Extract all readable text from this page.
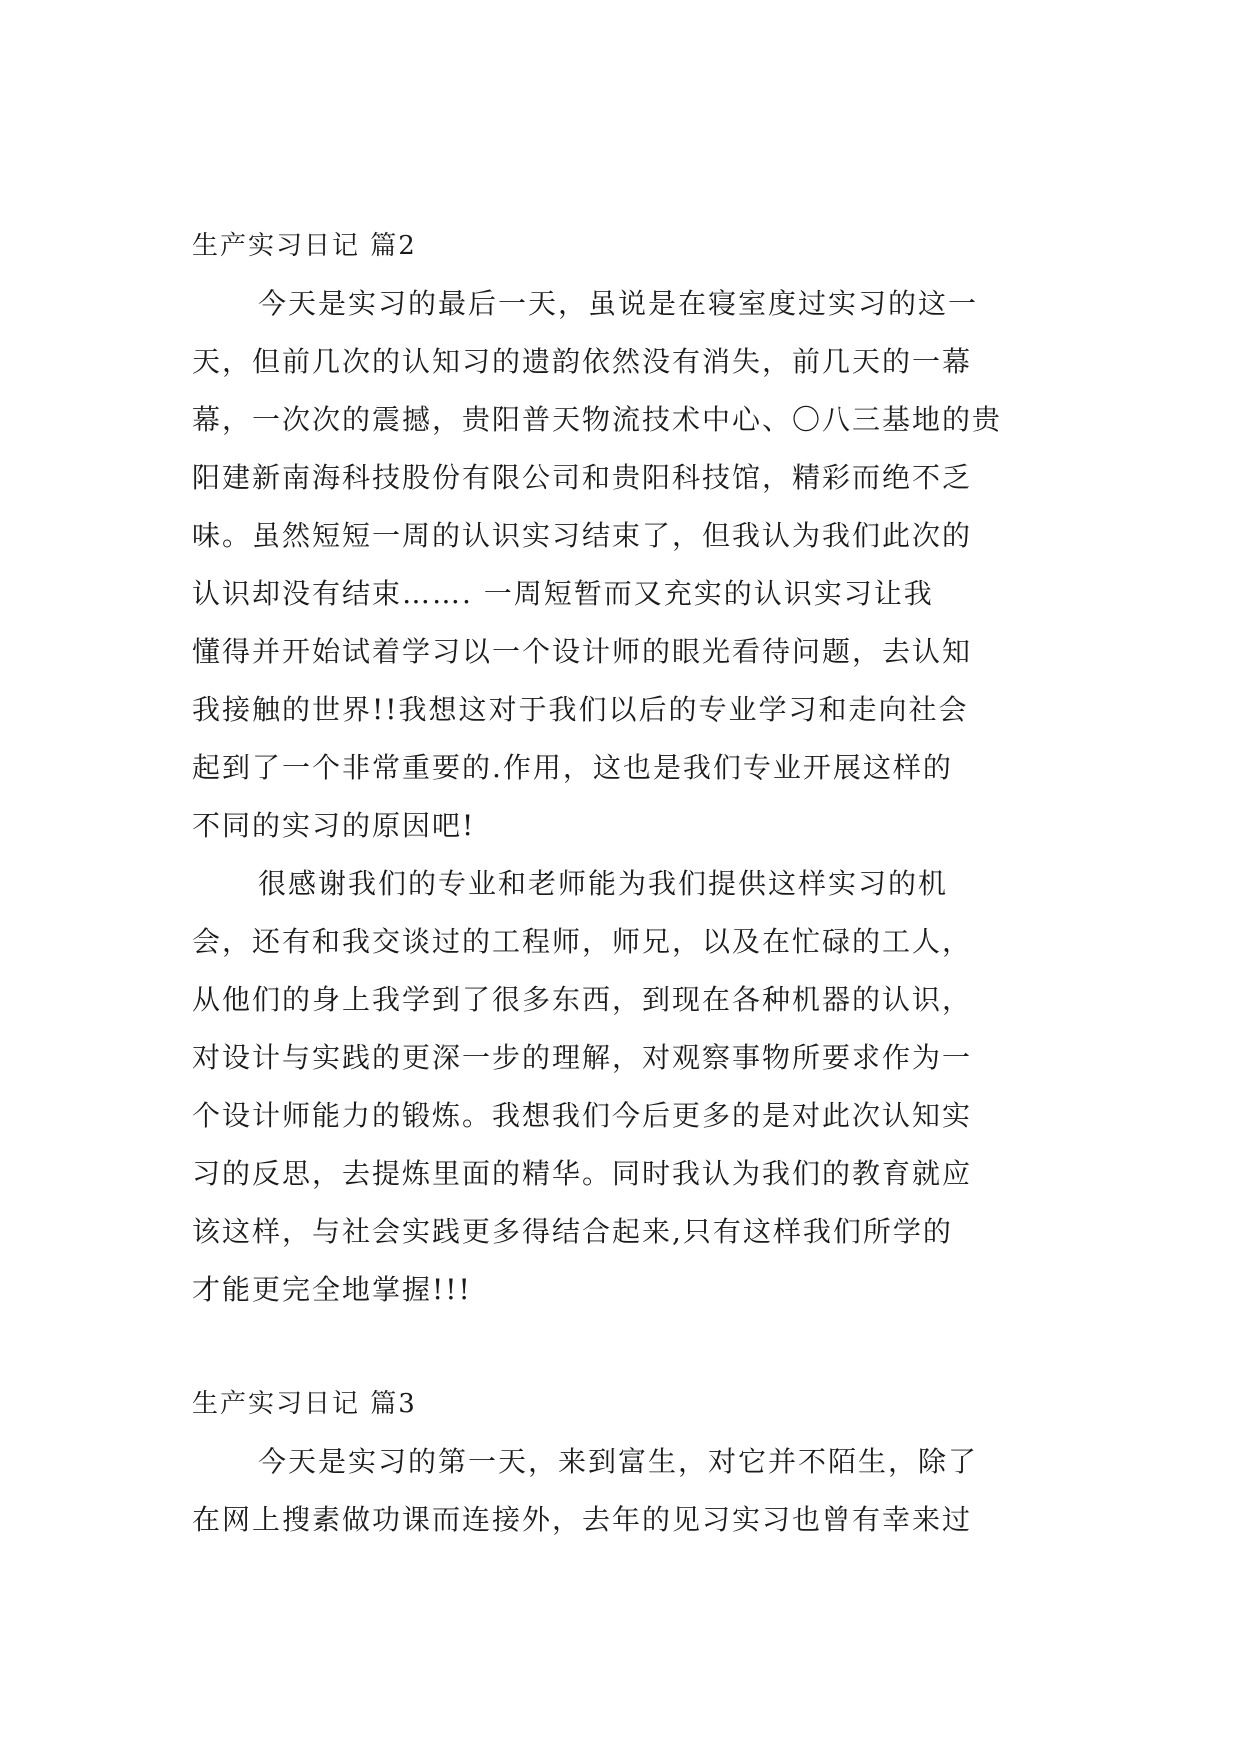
生产实习日记 篇2
今天是实习的最后一天，虽说是在寝室度过实习的这一
天，但前几次的认知习的遗韵依然没有消失，前几天的一幕
幕，一次次的震撼，贵阳普天物流技术中心、〇八三基地的贵
阳建新南海科技股份有限公司和贵阳科技馆，精彩而绝不乏
味。虽然短短一周的认识实习结束了，但我认为我们此次的
认识却没有结束……. 一周短暂而又充实的认识实习让我
懂得并开始试着学习以一个设计师的眼光看待问题，去认知
我接触的世界!!我想这对于我们以后的专业学习和走向社会
起到了一个非常重要的.作用，这也是我们专业开展这样的
不同的实习的原因吧!
很感谢我们的专业和老师能为我们提供这样实习的机
会，还有和我交谈过的工程师，师兄，以及在忙碌的工人，
从他们的身上我学到了很多东西，到现在各种机器的认识，
对设计与实践的更深一步的理解，对观察事物所要求作为一
个设计师能力的锻炼。我想我们今后更多的是对此次认知实
习的反思，去提炼里面的精华。同时我认为我们的教育就应
该这样，与社会实践更多得结合起来,只有这样我们所学的
才能更完全地掌握!!!
生产实习日记 篇3
今天是实习的第一天，来到富生，对它并不陌生，除了
在网上搜素做功课而连接外，去年的见习实习也曾有幸来过
